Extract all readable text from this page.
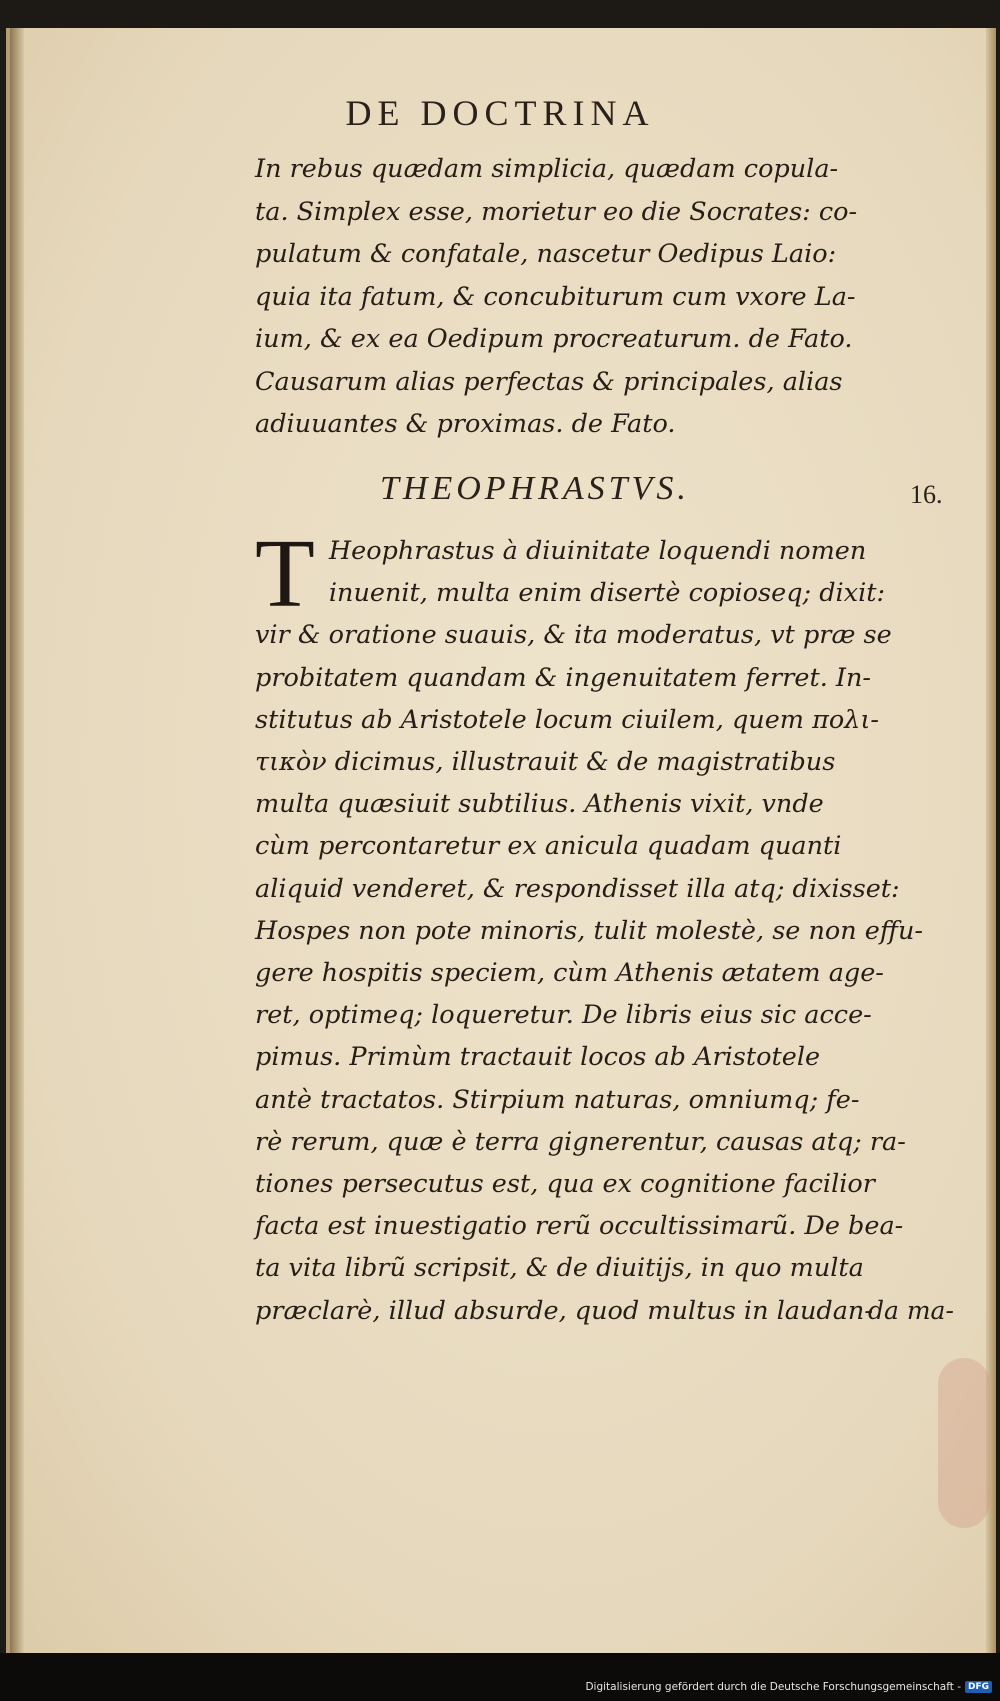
DE DOCTRINA

In rebus quædam simplicia, quædam copula-

ta. Simplex esse, morietur eo die Socrates: co-

pulatum & confatale, nascetur Oedipus Laio:

quia ita fatum, & concubiturum cum vxore La-

ium, & ex ea Oedipum procreaturum. de Fato.

Causarum alias perfectas & principales, alias

adiuuantes & proximas. de Fato.

THEOPHRASTVS.	16.
T Heophrastus à diuinitate loquendi nomen
inuenit, multa enim disertè copioseq; dixit:
vir & oratione suauis, & ita moderatus, vt præ se
probitatem quandam & ingenuitatem ferret. In-
stitutus ab Aristotele locum ciuilem, quem πολι-
τικὸν dicimus, illustrauit & de magistratibus
multa quæsiuit subtilius. Athenis vixit, vnde
cùm percontaretur ex anicula quadam quanti
aliquid venderet, & respondisset illa atq; dixisset:
Hospes non pote minoris, tulit molestè, se non effu-
gere hospitis speciem, cùm Athenis ætatem age-
ret, optimeq; loqueretur. De libris eius sic acce-
pimus. Primùm tractauit locos ab Aristotele
antè tractatos. Stirpium naturas, omniumq; fe-
rè rerum, quæ è terra gignerentur, causas atq; ra-
tiones persecutus est, qua ex cognitione facilior
facta est inuestigatio rerũ occultissimarũ. De bea-
ta vita librũ scripsit, & de diuitijs, in quo multa
præclarè, illud absurde, quod multus in laudan-
da ma-
Digitalisierung gefördert durch die Deutsche Forschungsgemeinschaft - DFG
